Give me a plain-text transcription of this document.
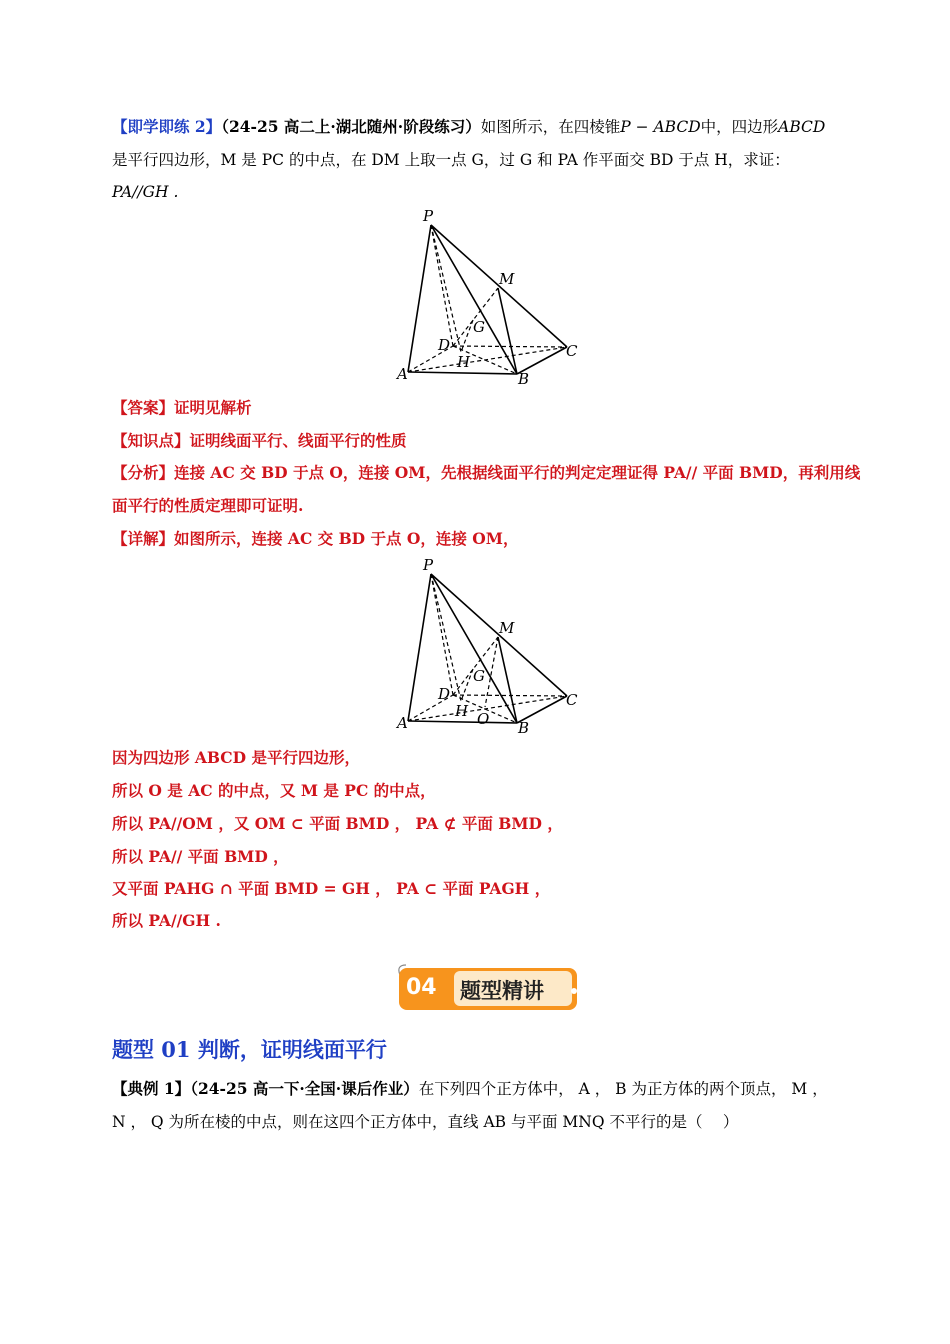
【即学即练 2】（24-25 高二上·湖北随州·阶段练习）如图所示，在四棱锥P − ABCD中，四边形ABCD
是平行四边形，M 是 PC 的中点，在 DM 上取一点 G，过 G 和 PA 作平面交 BD 于点 H，求证：
PA//GH .
P
M
G
D
H
A	B
C
【答案】证明见解析
【知识点】证明线面平行、线面平行的性质
【分析】连接 AC 交 BD 于点 O，连接 OM，先根据线面平行的判定定理证得 PA// 平面 BMD，再利用线
面平行的性质定理即可证明.
【详解】如图所示，连接 AC 交 BD 于点 O，连接 OM，
P
M
G
D
H O
A	B
C
因为四边形 ABCD 是平行四边形，
所以 O 是 AC 的中点，又 M 是 PC 的中点，
所以 PA//OM ，又 OM ⊂ 平面 BMD ， PA ⊄ 平面 BMD ，
所以 PA// 平面 BMD ，
又平面 PAHG ∩ 平面 BMD = GH ， PA ⊂ 平面 PAGH ，
所以 PA//GH .
04 题型精讲
题型 01 判断，证明线面平行
【典例 1】（24-25 高一下·全国·课后作业）在下列四个正方体中， A ， B 为正方体的两个顶点， M ，
N ， Q 为所在棱的中点，则在这四个正方体中，直线 AB 与平面 MNQ 不平行的是（　 ）
